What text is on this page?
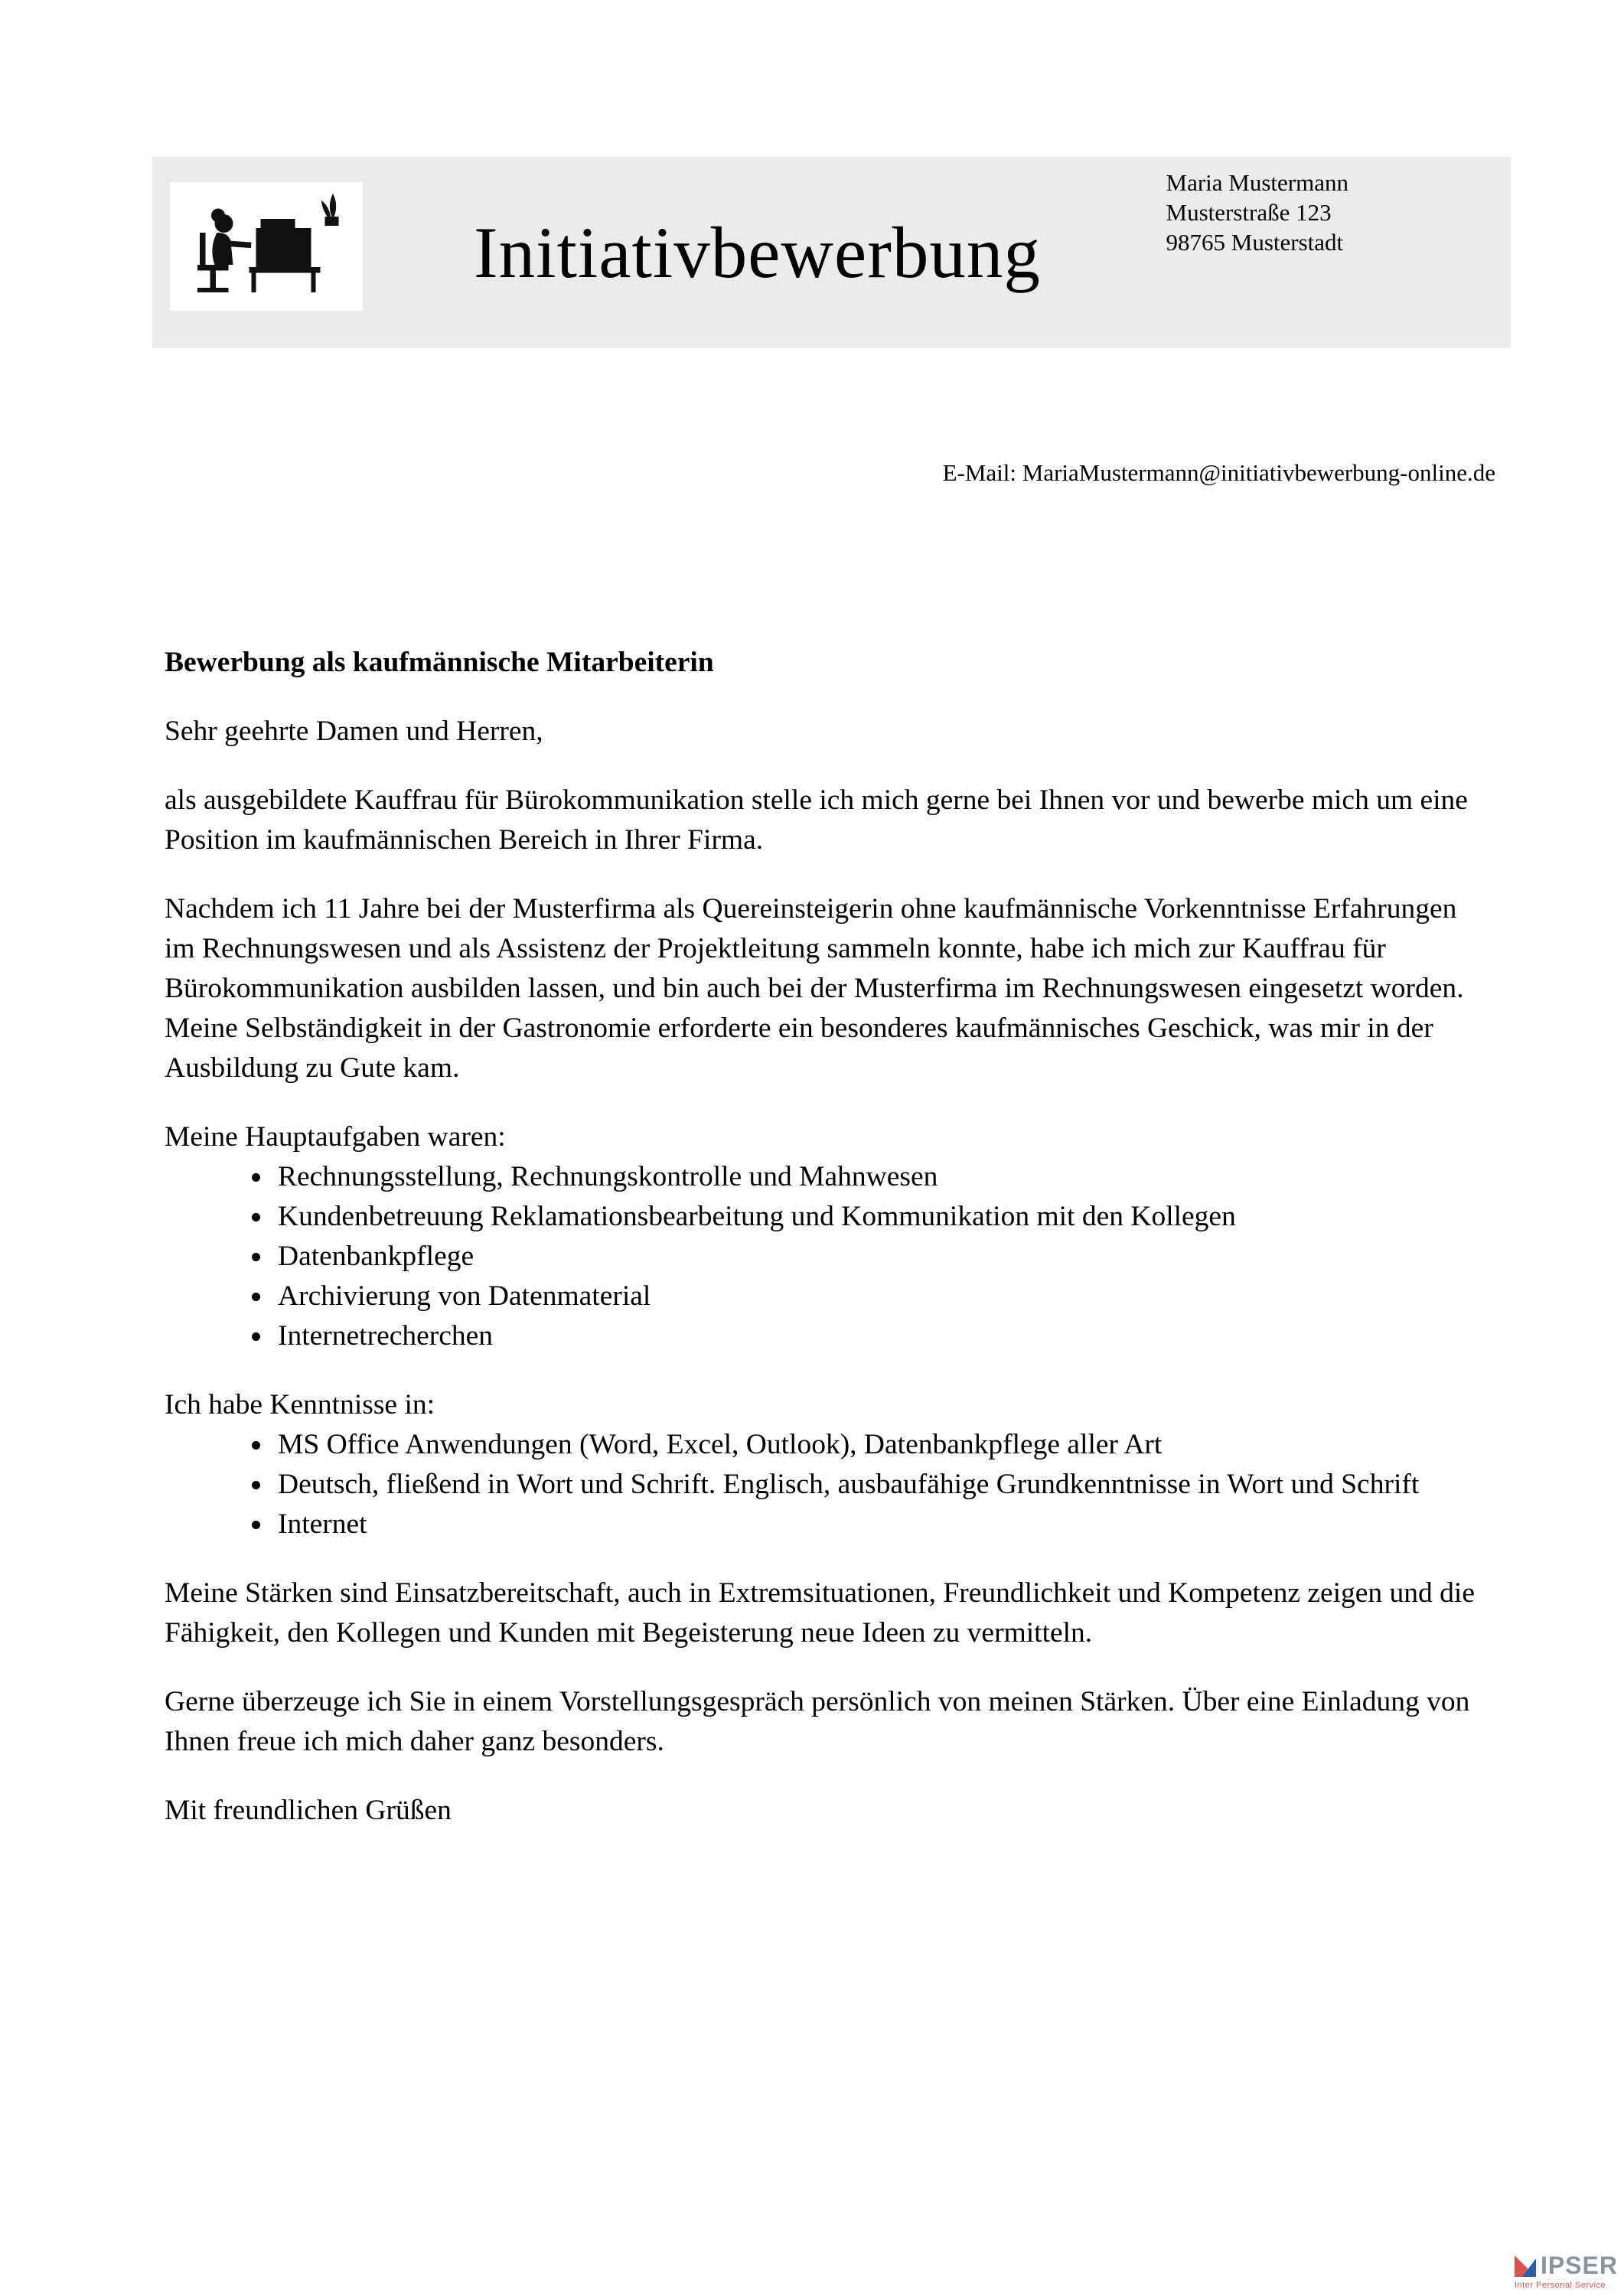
Initiativbewerbung
Maria Mustermann
Musterstraße 123
98765 Musterstadt
E-Mail: MariaMustermann@initiativbewerbung-online.de

Bewerbung als kaufmännische Mitarbeiterin

Sehr geehrte Damen und Herren,

als ausgebildete Kauffrau für Bürokommunikation stelle ich mich gerne bei Ihnen vor und bewerbe mich um eine Position im kaufmännischen Bereich in Ihrer Firma.

Nachdem ich 11 Jahre bei der Musterfirma als Quereinsteigerin ohne kaufmännische Vorkenntnisse Erfahrungen im Rechnungswesen und als Assistenz der Projektleitung sammeln konnte, habe ich mich zur Kauffrau für Bürokommunikation ausbilden lassen, und bin auch bei der Musterfirma im Rechnungswesen eingesetzt worden. Meine Selbständigkeit in der Gastronomie erforderte ein besonderes kaufmännisches Geschick, was mir in der Ausbildung zu Gute kam.

Meine Hauptaufgaben waren:

• Rechnungsstellung, Rechnungskontrolle und Mahnwesen
• Kundenbetreuung Reklamationsbearbeitung und Kommunikation mit den Kollegen
• Datenbankpflege
• Archivierung von Datenmaterial
• Internetrecherchen

Ich habe Kenntnisse in:

• MS Office Anwendungen (Word, Excel, Outlook), Datenbankpflege aller Art
• Deutsch, fließend in Wort und Schrift. Englisch, ausbaufähige Grundkenntnisse in Wort und Schrift
• Internet

Meine Stärken sind Einsatzbereitschaft, auch in Extremsituationen, Freundlichkeit und Kompetenz zeigen und die Fähigkeit, den Kollegen und Kunden mit Begeisterung neue Ideen zu vermitteln.

Gerne überzeuge ich Sie in einem Vorstellungsgespräch persönlich von meinen Stärken. Über eine Einladung von Ihnen freue ich mich daher ganz besonders.

Mit freundlichen Grüßen

IPSER
Inter Personal Service
